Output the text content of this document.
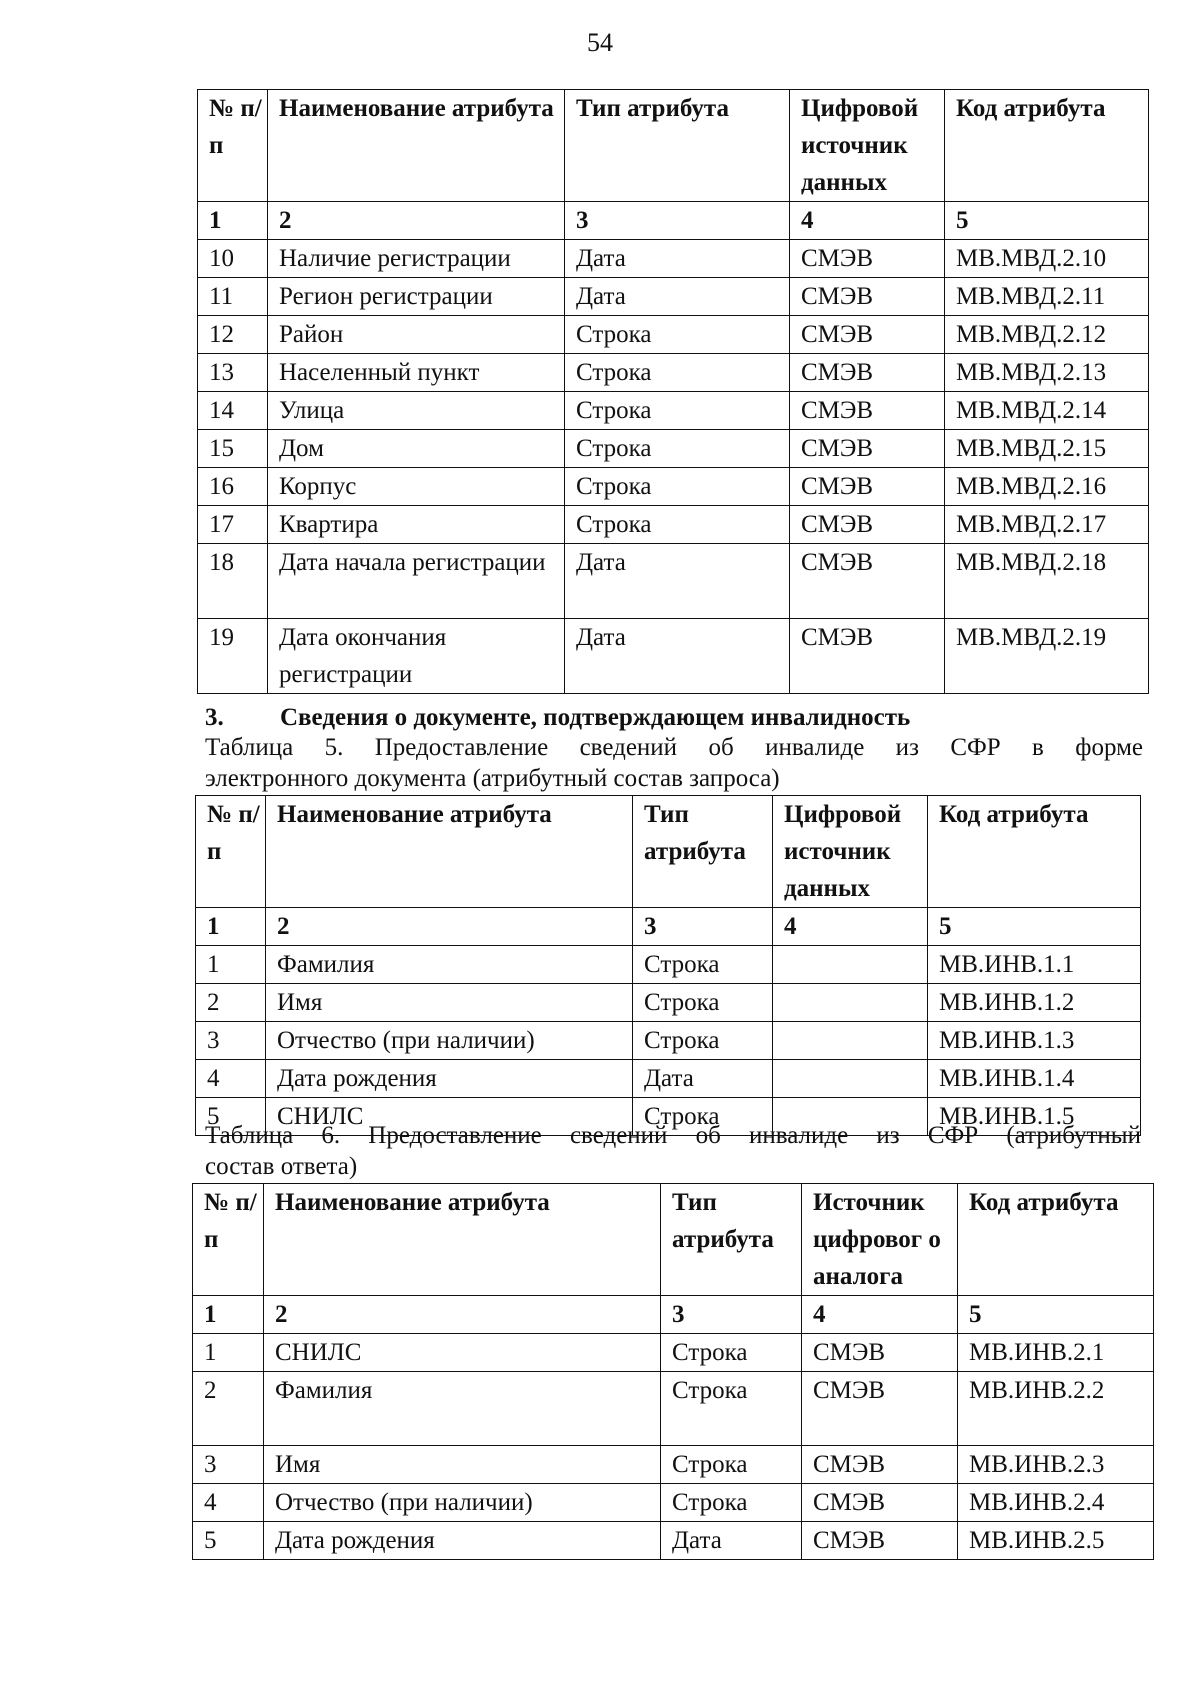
54
№ п/п	Наименование атрибута	Тип атрибута	Цифровой источник данных	Код атрибута
1	2	3	4	5
10	Наличие регистрации	Дата	СМЭВ	МВ.МВД.2.10
11	Регион регистрации	Дата	СМЭВ	МВ.МВД.2.11
12	Район	Строка	СМЭВ	МВ.МВД.2.12
13	Населенный пункт	Строка	СМЭВ	МВ.МВД.2.13
14	Улица	Строка	СМЭВ	МВ.МВД.2.14
15	Дом	Строка	СМЭВ	МВ.МВД.2.15
16	Корпус	Строка	СМЭВ	МВ.МВД.2.16
17	Квартира	Строка	СМЭВ	МВ.МВД.2.17
18	Дата начала регистрации	Дата	СМЭВ	МВ.МВД.2.18
19	Дата окончания регистрации	Дата	СМЭВ	МВ.МВД.2.19
3. Сведения о документе, подтверждающем инвалидность
Таблица 5. Предоставление сведений об инвалиде из СФР в форме
электронного документа (атрибутный состав запроса)
№ п/п	Наименование атрибута	Тип атрибута	Цифровой источник данных	Код атрибута
1	2	3	4	5
1	Фамилия	Строка		МВ.ИНВ.1.1
2	Имя	Строка		МВ.ИНВ.1.2
3	Отчество (при наличии)	Строка		МВ.ИНВ.1.3
4	Дата рождения	Дата		МВ.ИНВ.1.4
5	СНИЛС	Строка		МВ.ИНВ.1.5
Таблица 6. Предоставление сведений об инвалиде из СФР (атрибутный
состав ответа)
№ п/п	Наименование атрибута	Тип атрибута	Источник цифровог о аналога	Код атрибута
1	2	3	4	5
1	СНИЛС	Строка	СМЭВ	МВ.ИНВ.2.1
2	Фамилия	Строка	СМЭВ	МВ.ИНВ.2.2
3	Имя	Строка	СМЭВ	МВ.ИНВ.2.3
4	Отчество (при наличии)	Строка	СМЭВ	МВ.ИНВ.2.4
5	Дата рождения	Дата	СМЭВ	МВ.ИНВ.2.5
